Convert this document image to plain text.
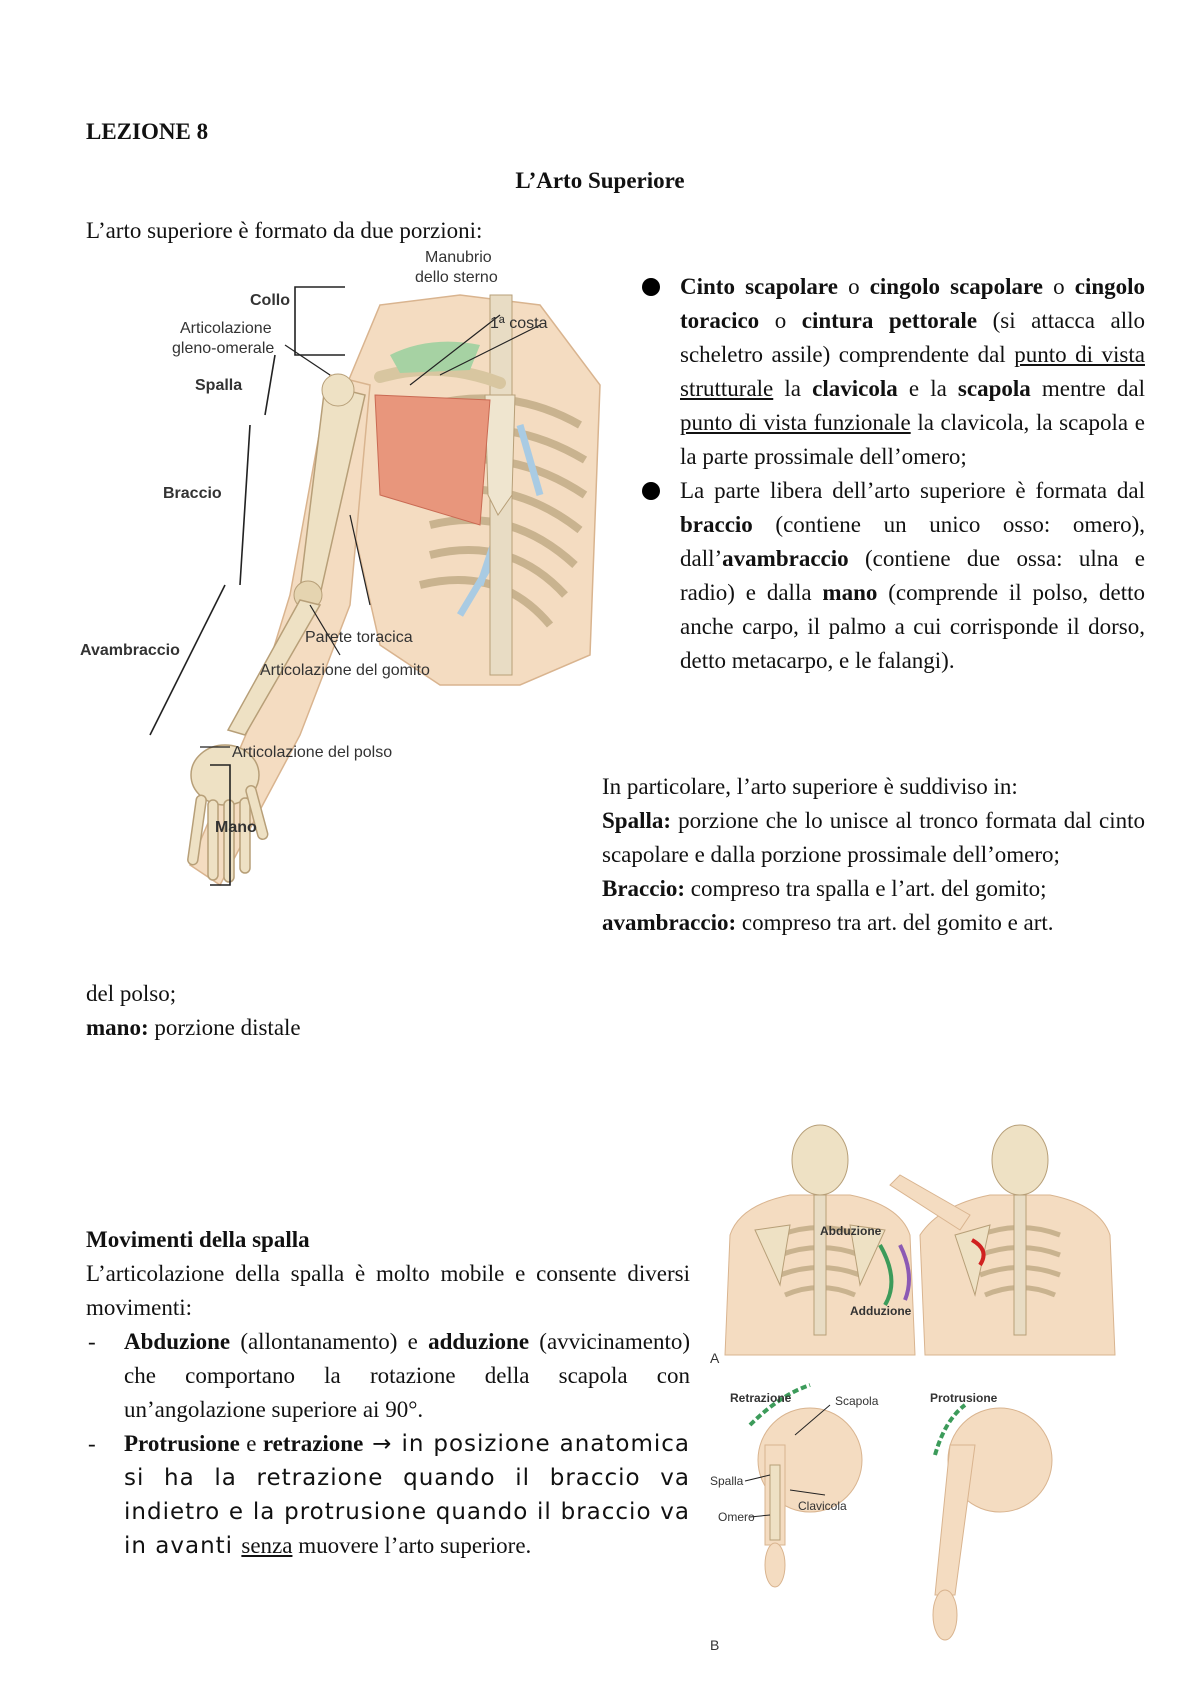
LEZIONE 8
L’Arto Superiore
L’arto superiore è formato da due porzioni:
Manubrio
dello sterno
Collo
Articolazione
gleno-omerale
1ª costa
Spalla
Braccio
Avambraccio
Parete toracica
Articolazione del gomito
Articolazione del polso
Mano
Cinto scapolare o cingolo scapolare o cingolo toracico o cintura pettorale (si attacca allo scheletro assile) comprendente dal punto di vista strutturale la clavicola e la scapola mentre dal punto di vista funzionale la clavicola, la scapola e la parte prossimale dell’omero;
La parte libera dell’arto superiore è formata dal braccio (contiene un unico osso: omero), dall’avambraccio (contiene due ossa: ulna e radio) e dalla mano (comprende il polso, detto anche carpo, il palmo a cui corrisponde il dorso, detto metacarpo, e le falangi).
In particolare, l’arto superiore è suddiviso in:
Spalla: porzione che lo unisce al tronco formata dal cinto scapolare e dalla porzione prossimale dell’omero;
Braccio: compreso tra spalla e l’art. del gomito;
avambraccio: compreso tra art. del gomito e art.
del polso;
mano: porzione distale
Movimenti della spalla
L’articolazione della spalla è molto mobile e consente diversi movimenti:
- Abduzione (allontanamento) e adduzione (avvicinamento) che comportano la rotazione della scapola con un’angolazione superiore ai 90°.
- Protrusione e retrazione → in posizione anatomica si ha la retrazione quando il braccio va indietro e la protrusione quando il braccio va in avanti senza muovere l’arto superiore.
Abduzione
Adduzione
A
Retrazione	Scapola
Spalla
Omero
Clavicola
Protrusione
B
